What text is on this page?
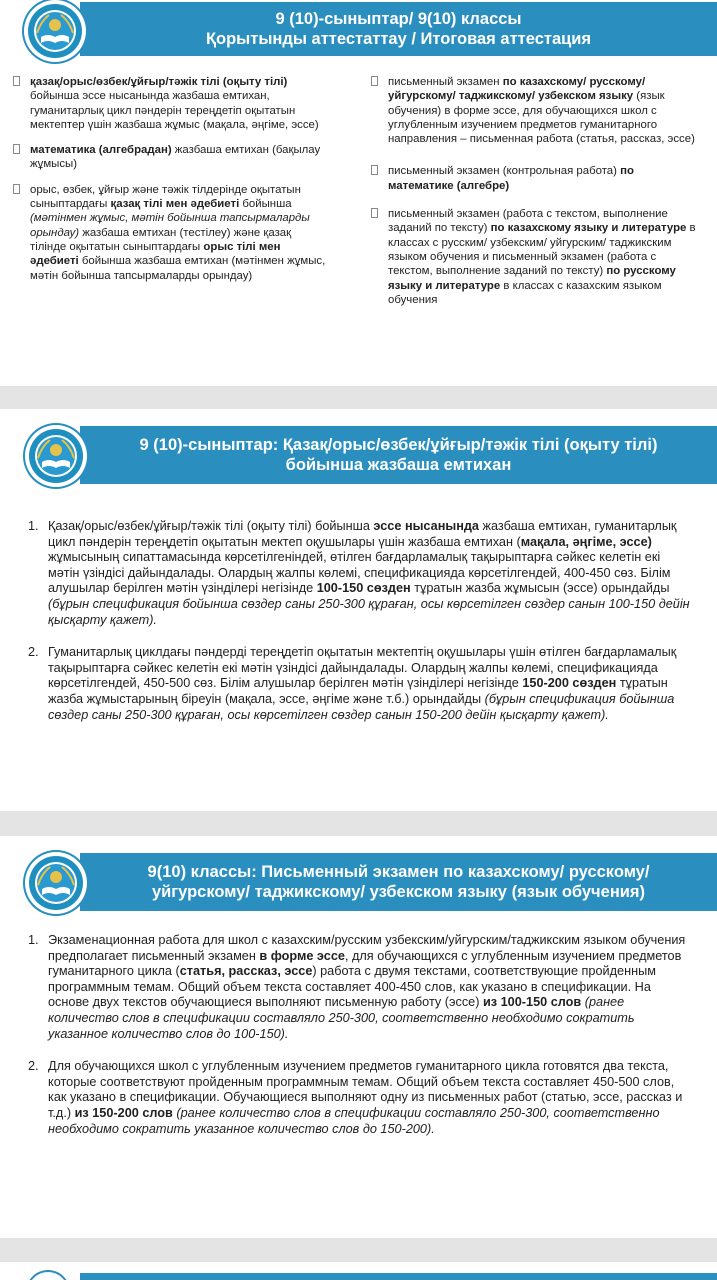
9 (10)-сыныптар/ 9(10) классы
Қорытынды аттестаттау / Итоговая аттестация
қазақ/орыс/өзбек/ұйғыр/тәжік тілі (оқыту тілі) бойынша эссе нысанында жазбаша емтихан, гуманитарлық цикл пәндерін тереңдетіп оқытатын мектептер үшін жазбаша жұмыс (мақала, әңгіме, эссе)
математика (алгебрадан) жазбаша емтихан (бақылау жұмысы)
орыс, өзбек, ұйғыр және тәжік тілдерінде оқытатын сыныптардағы қазақ тілі мен әдебиеті бойынша (мәтінмен жұмыс, мәтін бойынша тапсырмаларды орындау) жазбаша емтихан (тестілеу) және қазақ тілінде оқытатын сыныптардағы орыс тілі мен әдебиеті бойынша жазбаша емтихан (мәтінмен жұмыс, мәтін бойынша тапсырмаларды орындау)
письменный экзамен по казахскому/ русскому/ уйгурскому/ таджикскому/ узбекском языку (язык обучения) в форме эссе, для обучающихся школ с углубленным изучением предметов гуманитарного направления – письменная работа (статья, рассказ, эссе)
письменный экзамен (контрольная работа) по математике (алгебре)
письменный экзамен (работа с текстом, выполнение заданий по тексту) по казахскому языку и литературе в классах с русским/ узбекским/ уйгурским/ таджикским языком обучения и письменный экзамен (работа с текстом, выполнение заданий по тексту) по русскому языку и литературе в классах с казахским языком обучения
9 (10)-сыныптар: Қазақ/орыс/өзбек/ұйғыр/тәжік тілі (оқыту тілі)
бойынша жазбаша емтихан
1. Қазақ/орыс/өзбек/ұйғыр/тәжік тілі (оқыту тілі) бойынша эссе нысанында жазбаша емтихан, гуманитарлық цикл пәндерін тереңдетіп оқытатын мектеп оқушылары үшін жазбаша емтихан (мақала, әңгіме, эссе) жұмысының сипаттамасында көрсетілгеніндей, өтілген бағдарламалық тақырыптарға сәйкес келетін екі мәтін үзіндісі дайындалады. Олардың жалпы көлемі, спецификацияда көрсетілгендей, 400-450 сөз. Білім алушылар берілген мәтін үзінділері негізінде 100-150 сөзден тұратын жазба жұмысын (эссе) орындайды (бұрын спецификация бойынша сөздер саны 250-300 құраған, осы көрсетілген сөздер санын 100-150 дейін қысқарту қажет).
2. Гуманитарлық циклдағы пәндерді тереңдетіп оқытатын мектептің оқушылары үшін өтілген бағдарламалық тақырыптарға сәйкес келетін екі мәтін үзіндісі дайындалады. Олардың жалпы көлемі, спецификацияда көрсетілгендей, 450-500 сөз. Білім алушылар берілген мәтін үзінділері негізінде 150-200 сөзден тұратын жазба жұмыстарының біреуін (мақала, эссе, әңгіме және т.б.) орындайды (бұрын спецификация бойынша сөздер саны 250-300 құраған, осы көрсетілген сөздер санын 150-200 дейін қысқарту қажет).
9(10) классы: Письменный экзамен по казахскому/ русскому/
уйгурскому/ таджикскому/ узбекском языку (язык обучения)
1. Экзаменационная работа для школ с казахским/русским узбекским/уйгурским/таджикским языком обучения предполагает письменный экзамен в форме эссе, для обучающихся с углубленным изучением предметов гуманитарного цикла (статья, рассказ, эссе) работа с двумя текстами, соответствующие пройденным программным темам. Общий объем текста составляет 400-450 слов, как указано в спецификации. На основе двух текстов обучающиеся выполняют письменную работу (эссе) из 100-150 слов (ранее количество слов в спецификации составляло 250-300, соответственно необходимо сократить указанное количество слов до 100-150).
2. Для обучающихся школ с углубленным изучением предметов гуманитарного цикла готовятся два текста, которые соответствуют пройденным программным темам. Общий объем текста составляет 450-500 слов, как указано в спецификации. Обучающиеся выполняют одну из письменных работ (статью, эссе, рассказ и т.д.) из 150-200 слов (ранее количество слов в спецификации составляло 250-300, соответственно необходимо сократить указанное количество слов до 150-200).
